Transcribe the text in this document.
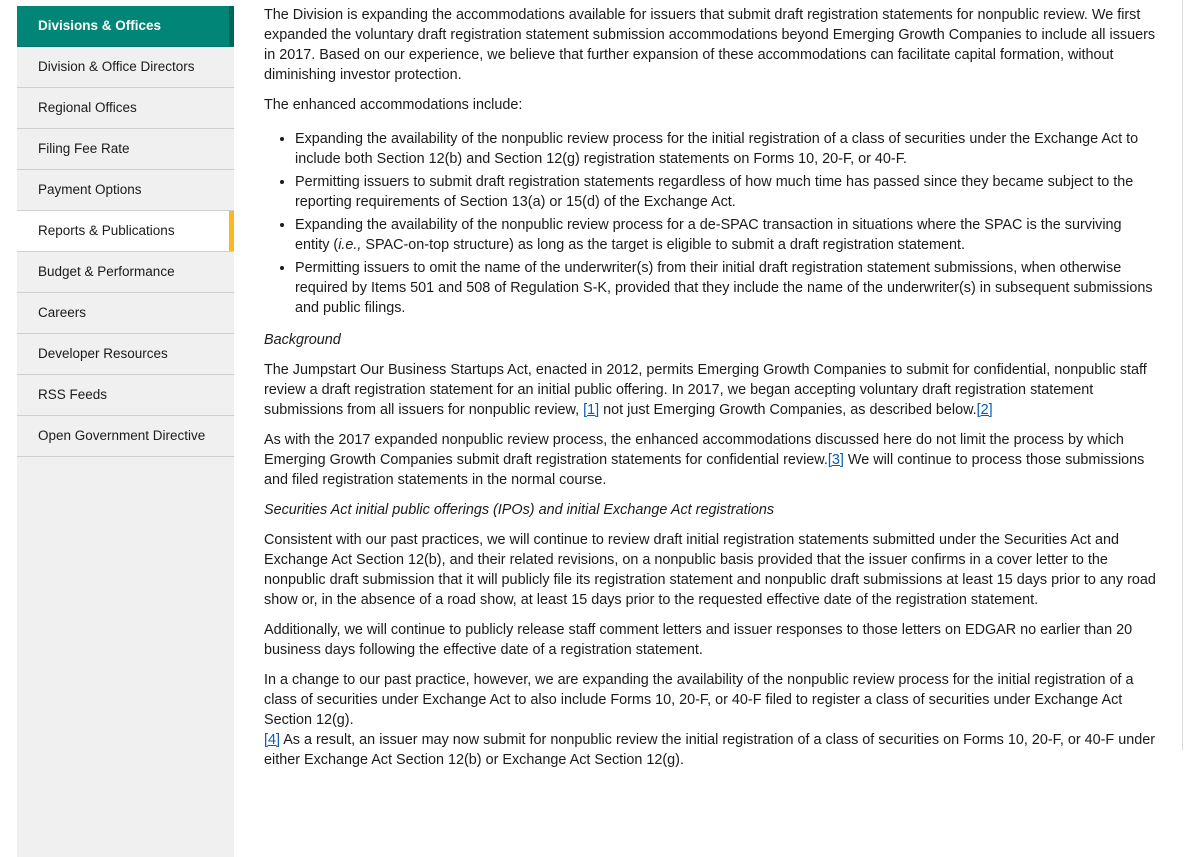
Divisions & Offices
Division & Office Directors
Regional Offices
Filing Fee Rate
Payment Options
Reports & Publications
Budget & Performance
Careers
Developer Resources
RSS Feeds
Open Government Directive

The Division is expanding the accommodations available for issuers that submit draft registration statements for nonpublic review. We first expanded the voluntary draft registration statement submission accommodations beyond Emerging Growth Companies to include all issuers in 2017. Based on our experience, we believe that further expansion of these accommodations can facilitate capital formation, without diminishing investor protection.

The enhanced accommodations include:

• Expanding the availability of the nonpublic review process for the initial registration of a class of securities under the Exchange Act to include both Section 12(b) and Section 12(g) registration statements on Forms 10, 20-F, or 40-F.
• Permitting issuers to submit draft registration statements regardless of how much time has passed since they became subject to the reporting requirements of Section 13(a) or 15(d) of the Exchange Act.
• Expanding the availability of the nonpublic review process for a de-SPAC transaction in situations where the SPAC is the surviving entity (i.e., SPAC-on-top structure) as long as the target is eligible to submit a draft registration statement.
• Permitting issuers to omit the name of the underwriter(s) from their initial draft registration statement submissions, when otherwise required by Items 501 and 508 of Regulation S-K, provided that they include the name of the underwriter(s) in subsequent submissions and public filings.

Background

The Jumpstart Our Business Startups Act, enacted in 2012, permits Emerging Growth Companies to submit for confidential, nonpublic staff review a draft registration statement for an initial public offering. In 2017, we began accepting voluntary draft registration statement submissions from all issuers for nonpublic review, [1] not just Emerging Growth Companies, as described below.[2]

As with the 2017 expanded nonpublic review process, the enhanced accommodations discussed here do not limit the process by which Emerging Growth Companies submit draft registration statements for confidential review.[3] We will continue to process those submissions and filed registration statements in the normal course.

Securities Act initial public offerings (IPOs) and initial Exchange Act registrations

Consistent with our past practices, we will continue to review draft initial registration statements submitted under the Securities Act and Exchange Act Section 12(b), and their related revisions, on a nonpublic basis provided that the issuer confirms in a cover letter to the nonpublic draft submission that it will publicly file its registration statement and nonpublic draft submissions at least 15 days prior to any road show or, in the absence of a road show, at least 15 days prior to the requested effective date of the registration statement.

Additionally, we will continue to publicly release staff comment letters and issuer responses to those letters on EDGAR no earlier than 20 business days following the effective date of a registration statement.

In a change to our past practice, however, we are expanding the availability of the nonpublic review process for the initial registration of a class of securities under Exchange Act to also include Forms 10, 20-F, or 40-F filed to register a class of securities under Exchange Act Section 12(g).
[4] As a result, an issuer may now submit for nonpublic review the initial registration of a class of securities on Forms 10, 20-F, or 40-F under either Exchange Act Section 12(b) or Exchange Act Section 12(g).
